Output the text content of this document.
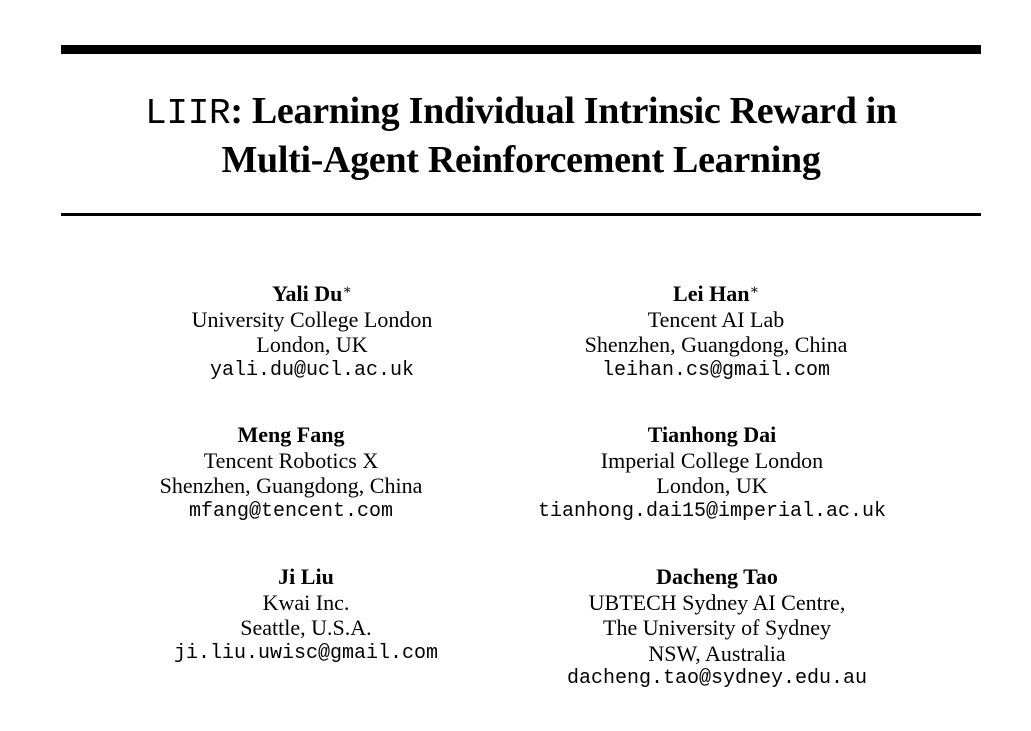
LIIR: Learning Individual Intrinsic Reward in
Multi-Agent Reinforcement Learning
Yali Du∗
University College London
London, UK
yali.du@ucl.ac.uk
Lei Han∗
Tencent AI Lab
Shenzhen, Guangdong, China
leihan.cs@gmail.com
Meng Fang
Tencent Robotics X
Shenzhen, Guangdong, China
mfang@tencent.com
Tianhong Dai
Imperial College London
London, UK
tianhong.dai15@imperial.ac.uk
Ji Liu
Kwai Inc.
Seattle, U.S.A.
ji.liu.uwisc@gmail.com
Dacheng Tao
UBTECH Sydney AI Centre,
The University of Sydney
NSW, Australia
dacheng.tao@sydney.edu.au
